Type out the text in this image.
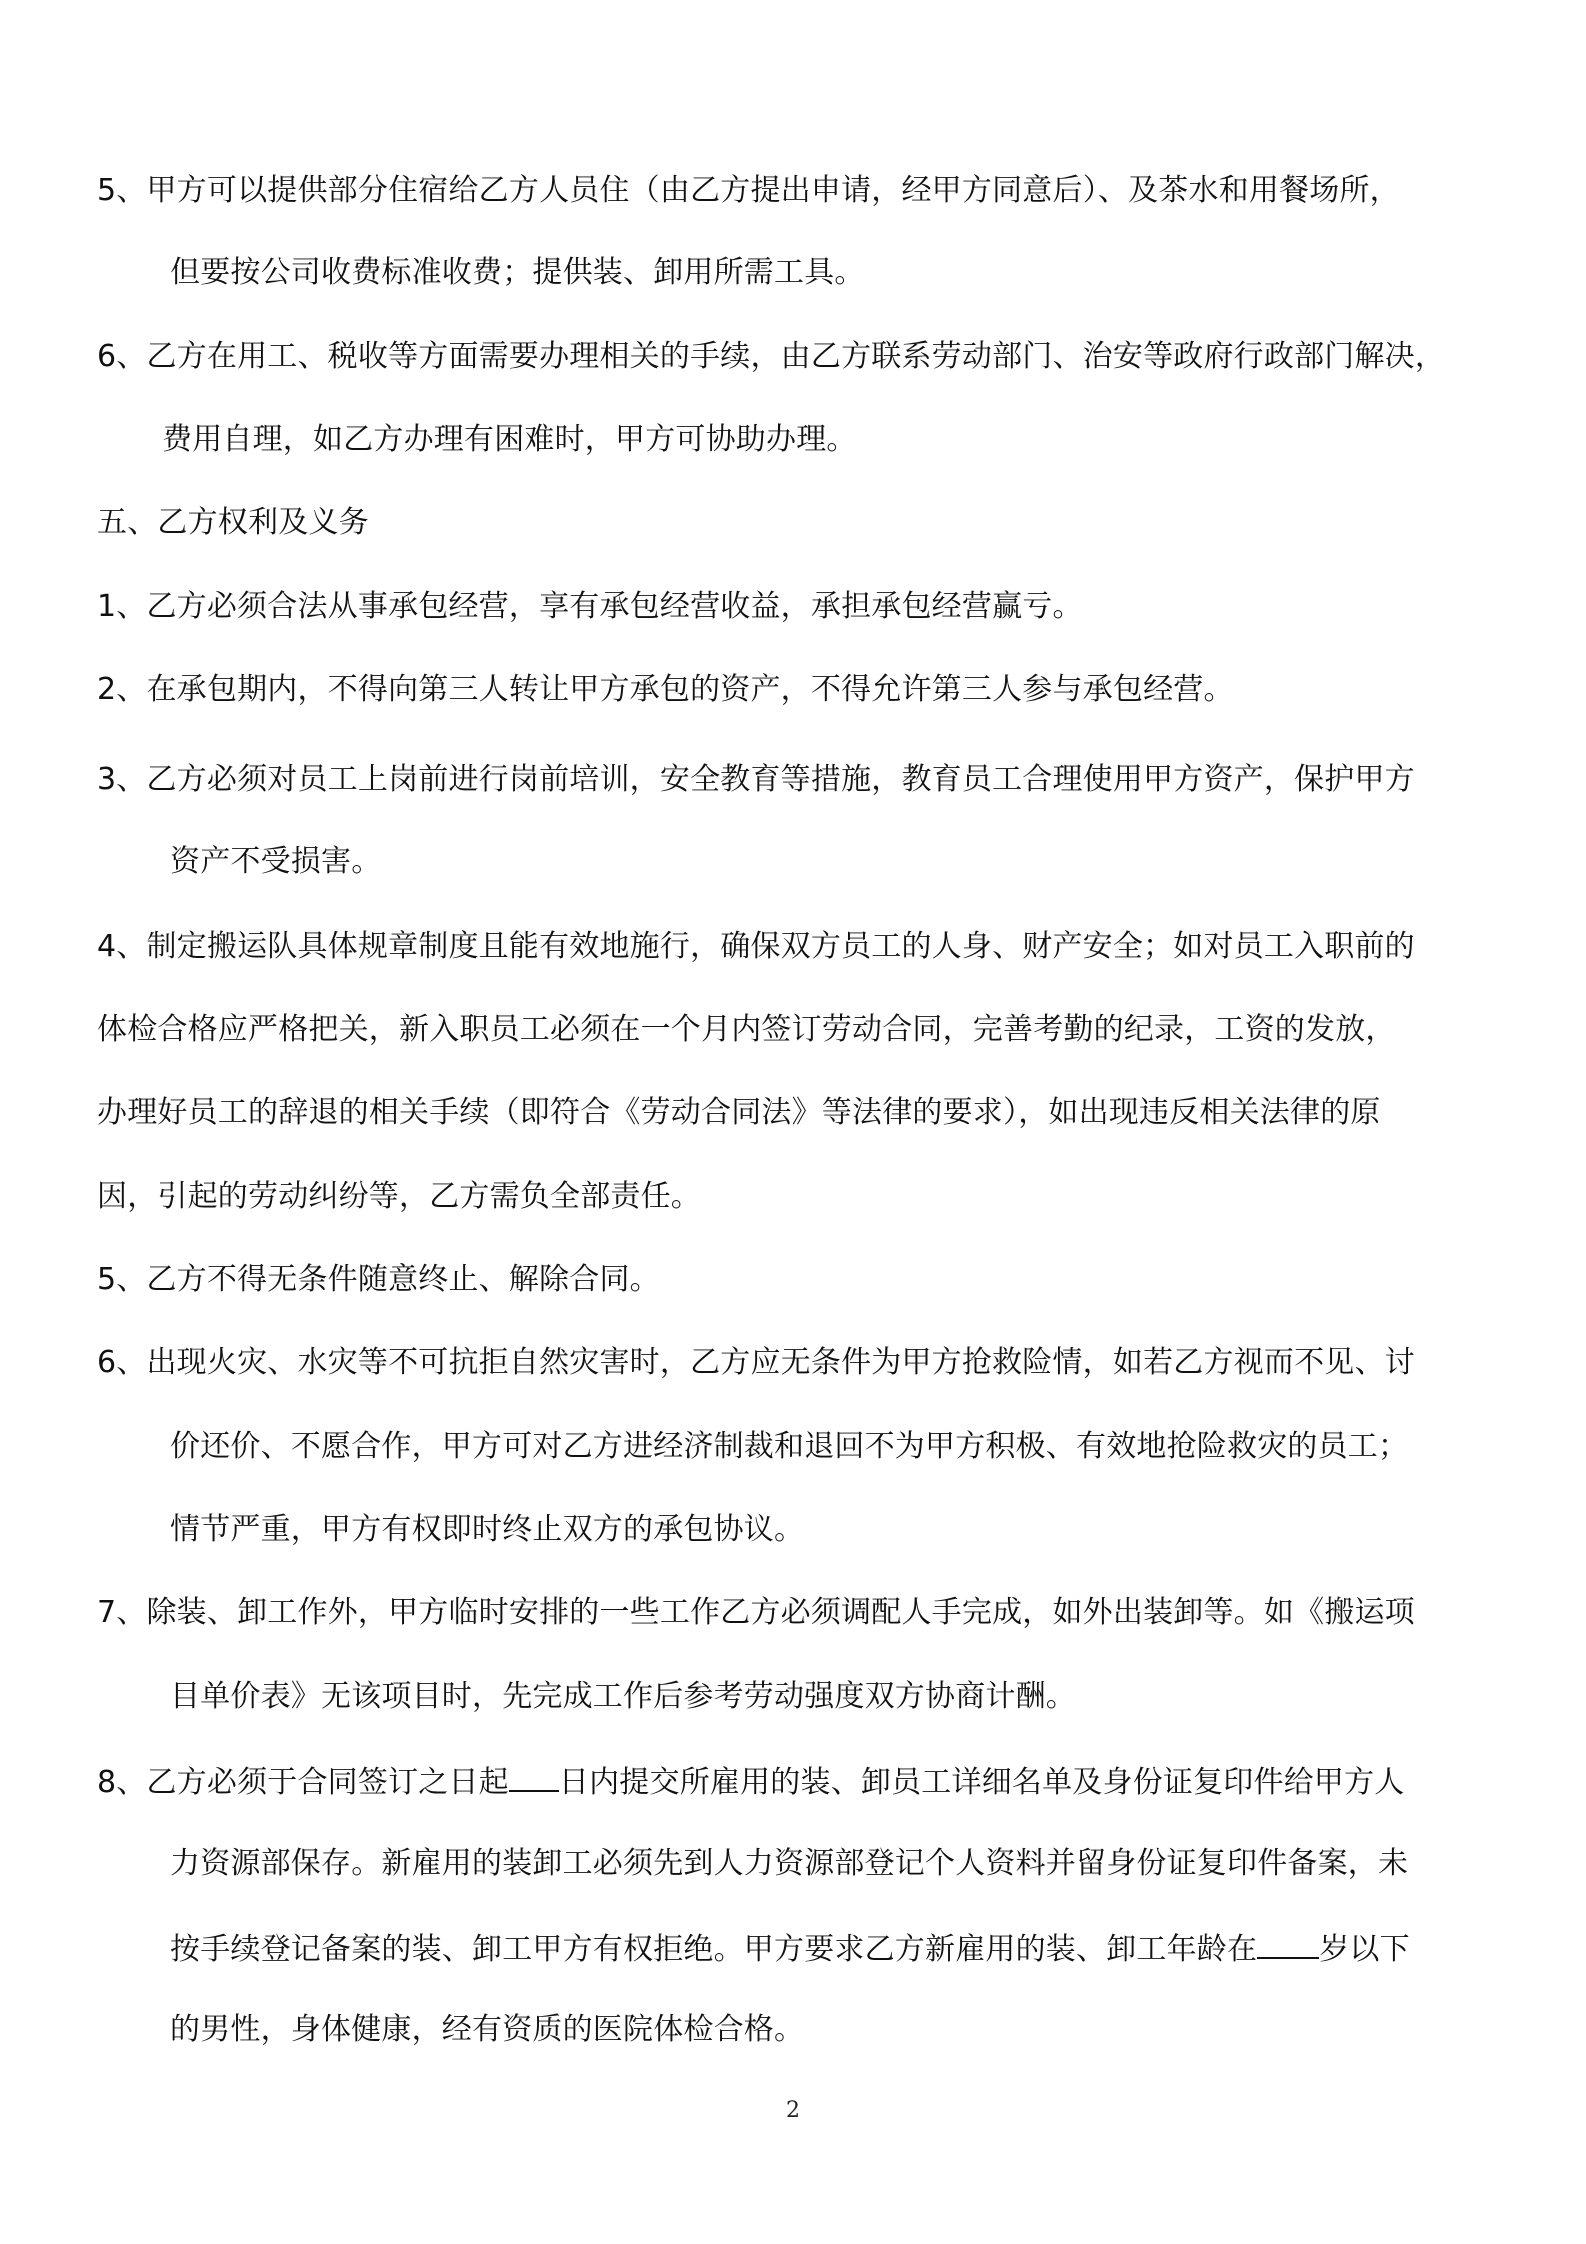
5、甲方可以提供部分住宿给乙方人员住（由乙方提出申请，经甲方同意后）、及茶水和用餐场所，
但要按公司收费标准收费；提供装、卸用所需工具。
6、乙方在用工、税收等方面需要办理相关的手续，由乙方联系劳动部门、治安等政府行政部门解决，
费用自理，如乙方办理有困难时，甲方可协助办理。
五、乙方权利及义务
1、乙方必须合法从事承包经营，享有承包经营收益，承担承包经营赢亏。
2、在承包期内，不得向第三人转让甲方承包的资产，不得允许第三人参与承包经营。
3、乙方必须对员工上岗前进行岗前培训，安全教育等措施，教育员工合理使用甲方资产，保护甲方
资产不受损害。
4、制定搬运队具体规章制度且能有效地施行，确保双方员工的人身、财产安全；如对员工入职前的
体检合格应严格把关，新入职员工必须在一个月内签订劳动合同，完善考勤的纪录，工资的发放，
办理好员工的辞退的相关手续（即符合《劳动合同法》等法律的要求），如出现违反相关法律的原
因，引起的劳动纠纷等，乙方需负全部责任。
5、乙方不得无条件随意终止、解除合同。
6、出现火灾、水灾等不可抗拒自然灾害时，乙方应无条件为甲方抢救险情，如若乙方视而不见、讨
价还价、不愿合作，甲方可对乙方进经济制裁和退回不为甲方积极、有效地抢险救灾的员工；
情节严重，甲方有权即时终止双方的承包协议。
7、除装、卸工作外，甲方临时安排的一些工作乙方必须调配人手完成，如外出装卸等。如《搬运项
目单价表》无该项目时，先完成工作后参考劳动强度双方协商计酬。
8、乙方必须于合同签订之日起 日内提交所雇用的装、卸员工详细名单及身份证复印件给甲方人
力资源部保存。新雇用的装卸工必须先到人力资源部登记个人资料并留身份证复印件备案，未
按手续登记备案的装、卸工甲方有权拒绝。甲方要求乙方新雇用的装、卸工年龄在 岁以下
的男性，身体健康，经有资质的医院体检合格。
2
